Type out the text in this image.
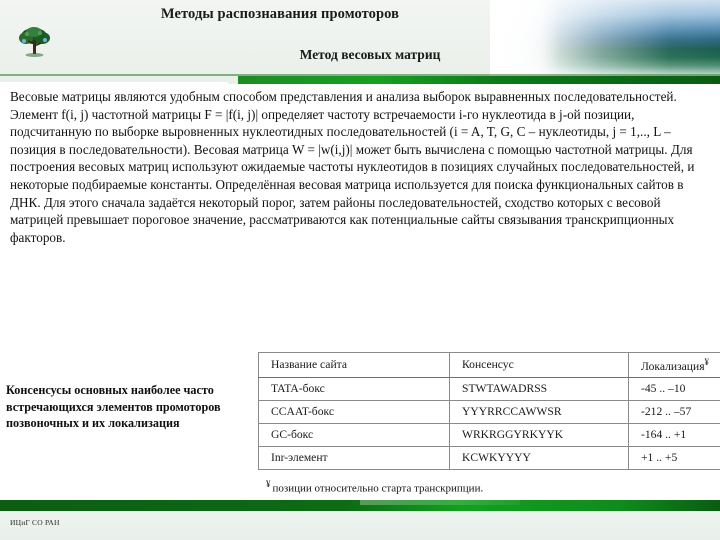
Методы распознавания промоторов
Метод весовых матриц

Весовые матрицы являются удобным способом представления и анализа выборок выравненных последовательностей. Элемент f(i, j) частотной матрицы F = |f(i, j)| определяет частоту встречаемости i-го нуклеотида в j-ой позиции, подсчитанную по выборке выровненных нуклеотидных последовательностей (i = A, T, G, C – нуклеотиды, j = 1,.., L – позиция в последовательности). Весовая матрица W = |w(i,j)| может быть вычислена с помощью частотной матрицы. Для построения весовых матриц используют ожидаемые частоты нуклеотидов в позициях случайных последовательностей, и некоторые подбираемые константы. Определённая весовая матрица используется для поиска функциональных сайтов в ДНК. Для этого сначала задаётся некоторый порог, затем районы последовательностей, сходство которых с весовой матрицей превышает пороговое значение, рассматриваются как потенциальные сайты связывания транскрипционных факторов.

Консенсусы основных наиболее часто встречающихся элементов промоторов позвоночных и их локализация
Название сайта	Консенсус	Локализация¥
TATA-бокс	STWTAWADRSS	-45 .. –10
CCAAT-бокс	YYYRRCCAWWSR	-212 .. –57
GC-бокс	WRKRGGYRKYYK	-164 .. +1
Inr-элемент	KCWKYYYY	+1 .. +5
¥ позиции относительно старта транскрипции.
ИЦиГ СО РАН
